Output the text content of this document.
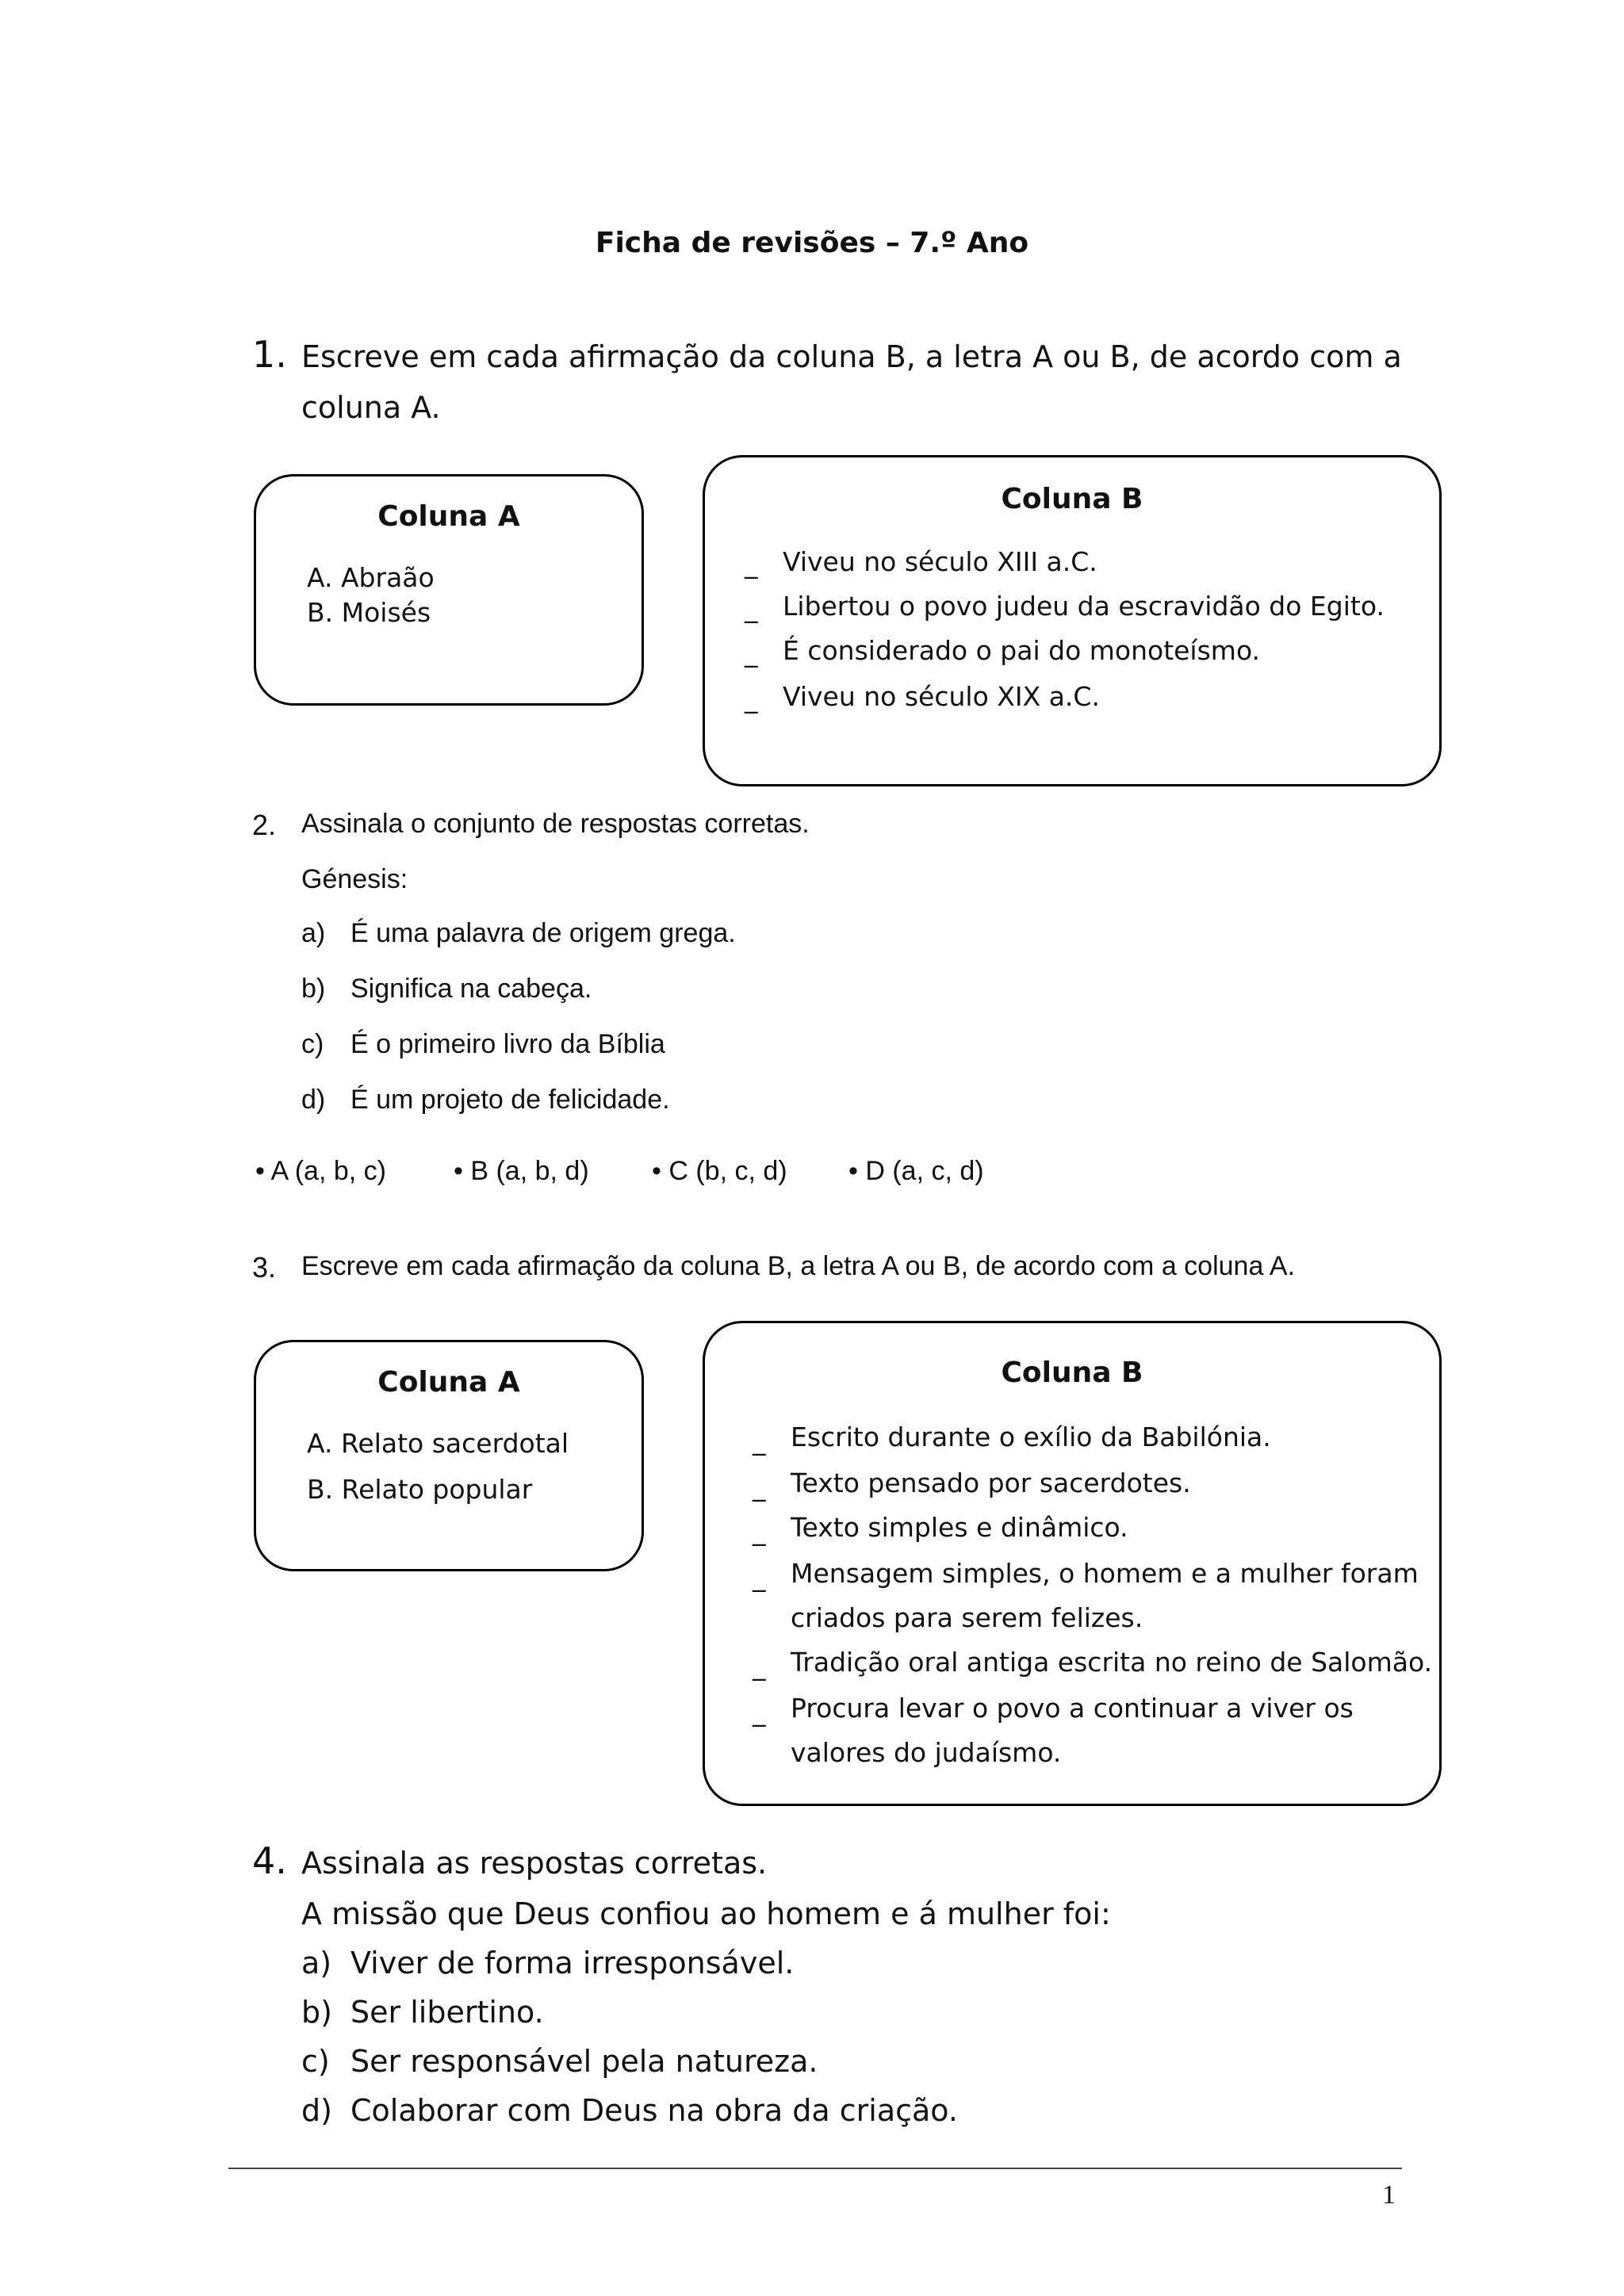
Ficha de revisões – 7.º Ano
1. Escreve em cada afirmação da coluna B, a letra A ou B, de acordo com a
coluna A.
Coluna A
A. Abraão
B. Moisés
Coluna B
_ Viveu no século XIII a.C.
_ Libertou o povo judeu da escravidão do Egito.
_ É considerado o pai do monoteísmo.
_ Viveu no século XIX a.C.
2. Assinala o conjunto de respostas corretas.
Génesis:
a) É uma palavra de origem grega.
b) Significa na cabeça.
c) É o primeiro livro da Bíblia
d) É um projeto de felicidade.
• A (a, b, c)	• B (a, b, d) • C (b, c, d) • D (a, c, d)
3. Escreve em cada afirmação da coluna B, a letra A ou B, de acordo com a coluna A.
Coluna A
A. Relato sacerdotal
B. Relato popular
Coluna B
_ Escrito durante o exílio da Babilónia.
_ Texto pensado por sacerdotes.
_ Texto simples e dinâmico.
_ Mensagem simples, o homem e a mulher foram
criados para serem felizes.
_ Tradição oral antiga escrita no reino de Salomão.
_ Procura levar o povo a continuar a viver os
valores do judaísmo.
4. Assinala as respostas corretas.
A missão que Deus confiou ao homem e á mulher foi:
a) Viver de forma irresponsável.
b) Ser libertino.
c) Ser responsável pela natureza.
d) Colaborar com Deus na obra da criação.
1
